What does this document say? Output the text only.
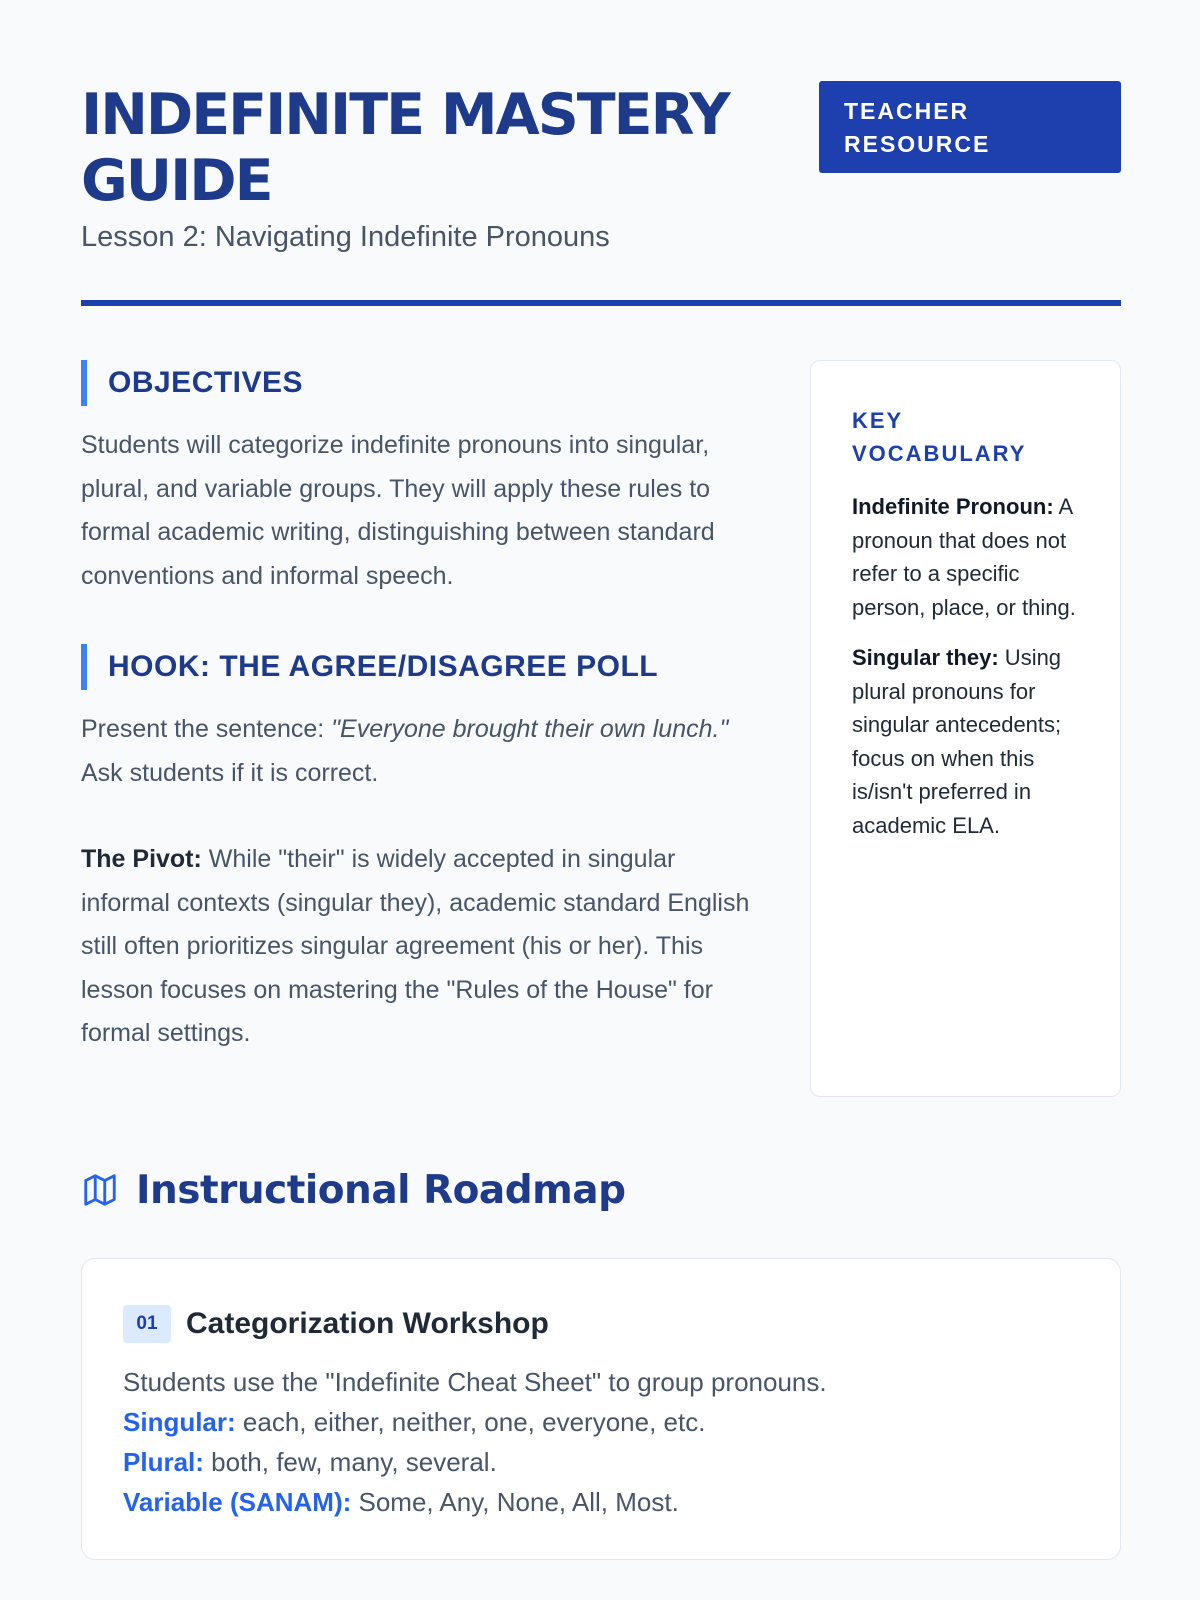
INDEFINITE MASTERY GUIDE
Lesson 2: Navigating Indefinite Pronouns
TEACHER RESOURCE
OBJECTIVES

Students will categorize indefinite pronouns into singular, plural, and variable groups. They will apply these rules to formal academic writing, distinguishing between standard conventions and informal speech.

HOOK: THE AGREE/DISAGREE POLL

Present the sentence: "Everyone brought their own lunch." Ask students if it is correct.

The Pivot: While "their" is widely accepted in singular informal contexts (singular they), academic standard English still often prioritizes singular agreement (his or her). This lesson focuses on mastering the "Rules of the House" for formal settings.

KEY VOCABULARY
Indefinite Pronoun: A pronoun that does not refer to a specific person, place, or thing.
Singular they: Using plural pronouns for singular antecedents; focus on when this is/isn't preferred in academic ELA.
Instructional Roadmap
01 Categorization Workshop
Students use the "Indefinite Cheat Sheet" to group pronouns.
Singular: each, either, neither, one, everyone, etc.
Plural: both, few, many, several.
Variable (SANAM): Some, Any, None, All, Most.
